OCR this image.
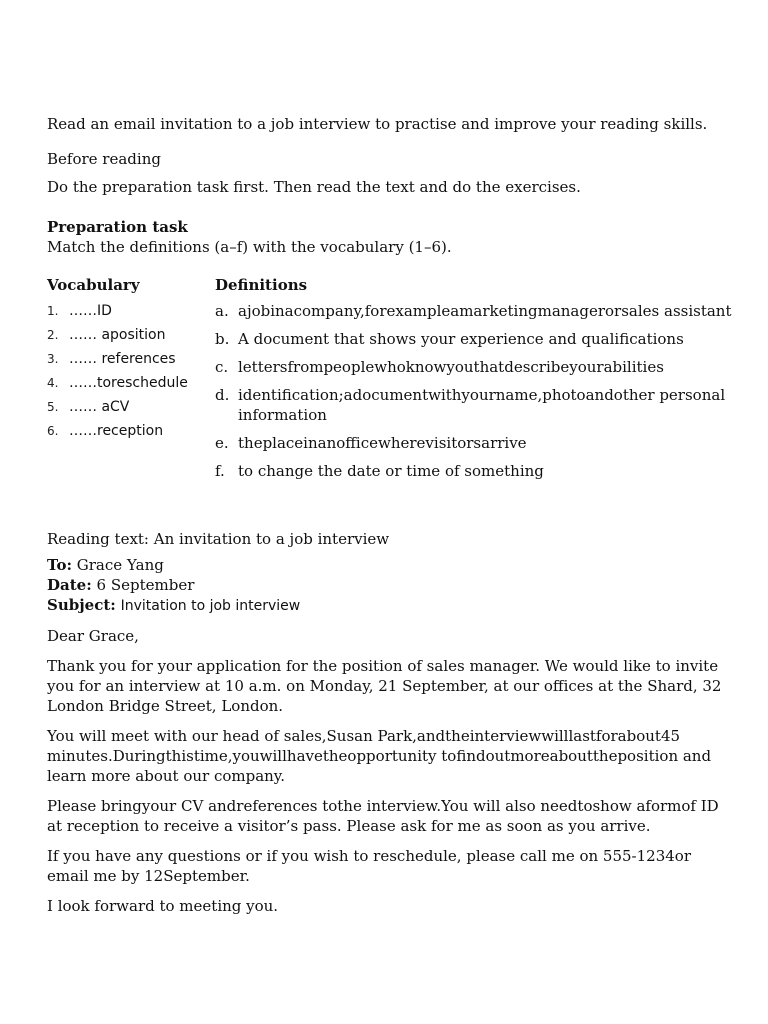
Read an email invitation to a job interview to practise and improve your reading skills.

Before reading

Do the preparation task first. Then read the text and do the exercises.

Preparation task

Match the definitions (a–f) with the vocabulary (1–6).

Vocabulary

1. ……ID
2. …… aposition
3. …… references
4. ……toreschedule
5. …… aCV
6. ……reception

Definitions

a. ajobinacompany,forexampleamarketingmanagerorsales assistant
b. A document that shows your experience and qualifications
c. lettersfrompeoplewhoknowyouthatdescribeyourabilities
d. identification;adocumentwithyourname,photoandother personal information
e. theplaceinanofficewherevisitorsarrive
f. to change the date or time of something

Reading text: An invitation to a job interview

To: Grace Yang

Date: 6 September

Subject: Invitation to job interview

Dear Grace,

Thank you for your application for the position of sales manager. We would like to invite you for an interview at 10 a.m. on Monday, 21 September, at our offices at the Shard, 32 London Bridge Street, London.

You will meet with our head of sales,Susan Park,andtheinterviewwilllastforabout45 minutes.Duringthistime,youwillhavetheopportunity tofindoutmoreabouttheposition and learn more about our company.

Please bringyour CV andreferences tothe interview.You will also needtoshow aformof ID at reception to receive a visitor’s pass. Please ask for me as soon as you arrive.

If you have any questions or if you wish to reschedule, please call me on 555-1234or email me by 12September.

I look forward to meeting you.
